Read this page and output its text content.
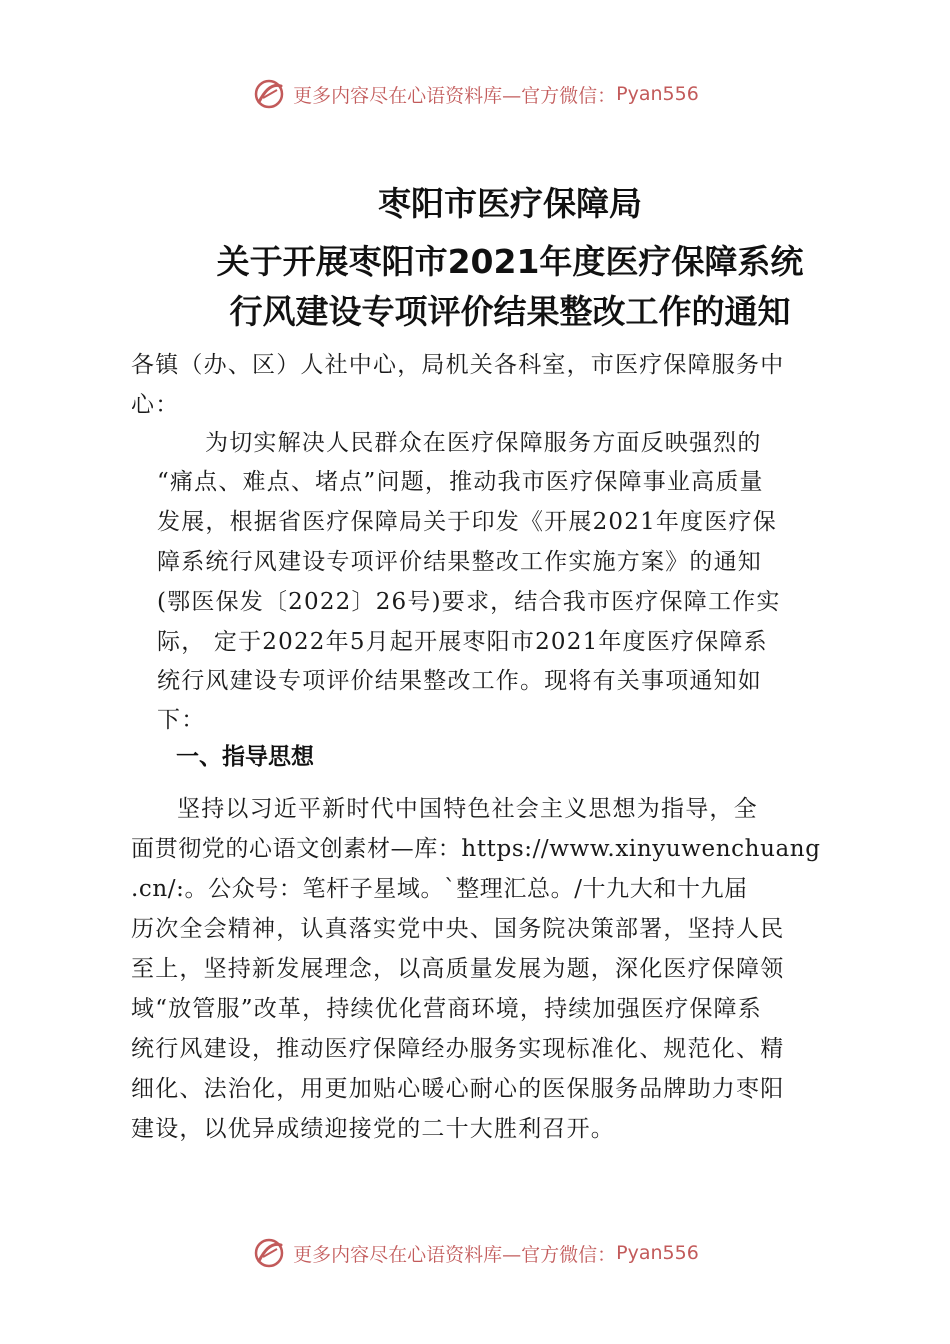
更多内容尽在心语资料库—官方微信： Pyan556
枣阳市医疗保障局
关于开展枣阳市2021年度医疗保障系统
行风建设专项评价结果整改工作的通知
各镇（办、区）人社中心，局机关各科室，市医疗保障服务中
心：
为切实解决人民群众在医疗保障服务方面反映强烈的
“痛点、难点、堵点”问题，推动我市医疗保障事业高质量
发展，根据省医疗保障局关于印发《开展2021年度医疗保
障系统行风建设专项评价结果整改工作实施方案》的通知
(鄂医保发〔2022〕26号)要求，结合我市医疗保障工作实
际， 定于2022年5月起开展枣阳市2021年度医疗保障系
统行风建设专项评价结果整改工作。现将有关事项通知如
下：
一、指导思想
坚持以习近平新时代中国特色社会主义思想为指导，全
面贯彻党的心语文创素材—库：https://www.xinyuwenchuang
.cn/:。公众号：笔杆子星域。`整理汇总。/十九大和十九届
历次全会精神，认真落实党中央、国务院决策部署，坚持人民
至上，坚持新发展理念，以高质量发展为题，深化医疗保障领
域“放管服”改革，持续优化营商环境，持续加强医疗保障系
统行风建设，推动医疗保障经办服务实现标准化、规范化、精
细化、法治化，用更加贴心暖心耐心的医保服务品牌助力枣阳
建设，以优异成绩迎接党的二十大胜利召开。
更多内容尽在心语资料库—官方微信： Pyan556
